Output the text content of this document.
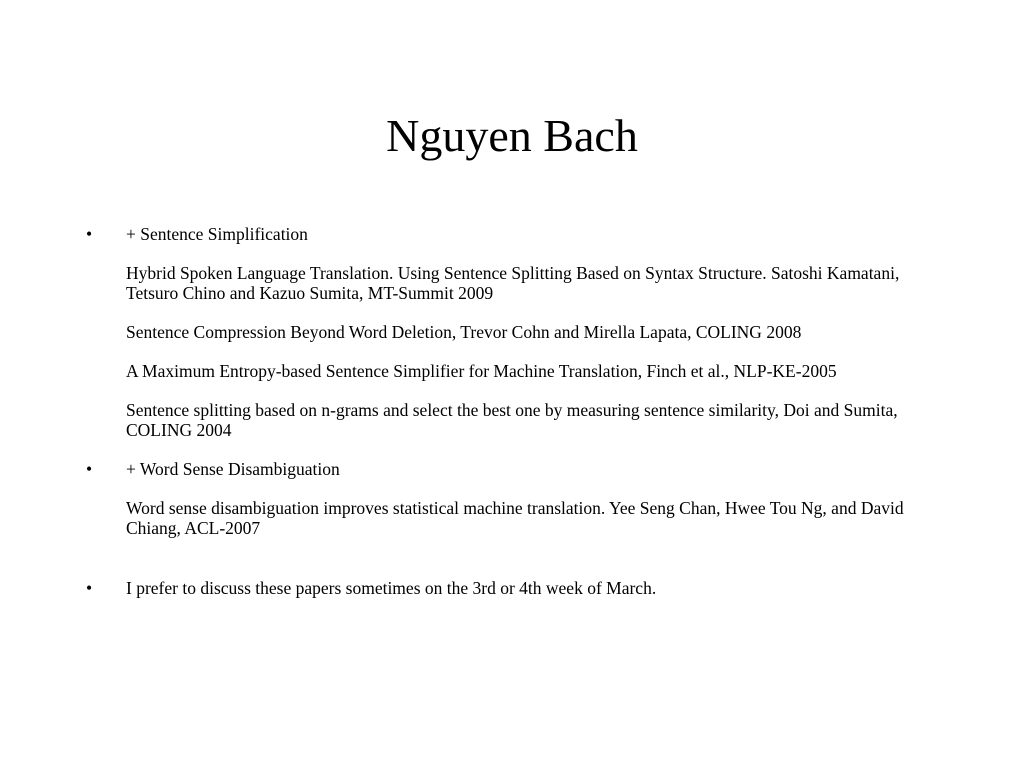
Nguyen Bach
•	+ Sentence Simplification
Hybrid Spoken Language Translation. Using Sentence Splitting Based on Syntax Structure. Satoshi Kamatani, Tetsuro Chino and Kazuo Sumita, MT-Summit 2009
Sentence Compression Beyond Word Deletion, Trevor Cohn and Mirella Lapata, COLING 2008
A Maximum Entropy-based Sentence Simplifier for Machine Translation, Finch et al., NLP-KE-2005
Sentence splitting based on n-grams and select the best one by measuring sentence similarity, Doi and Sumita, COLING 2004
•	+ Word Sense Disambiguation
Word sense disambiguation improves statistical machine translation. Yee Seng Chan, Hwee Tou Ng, and David Chiang, ACL-2007
•	I prefer to discuss these papers sometimes on the 3rd or 4th week of March.
